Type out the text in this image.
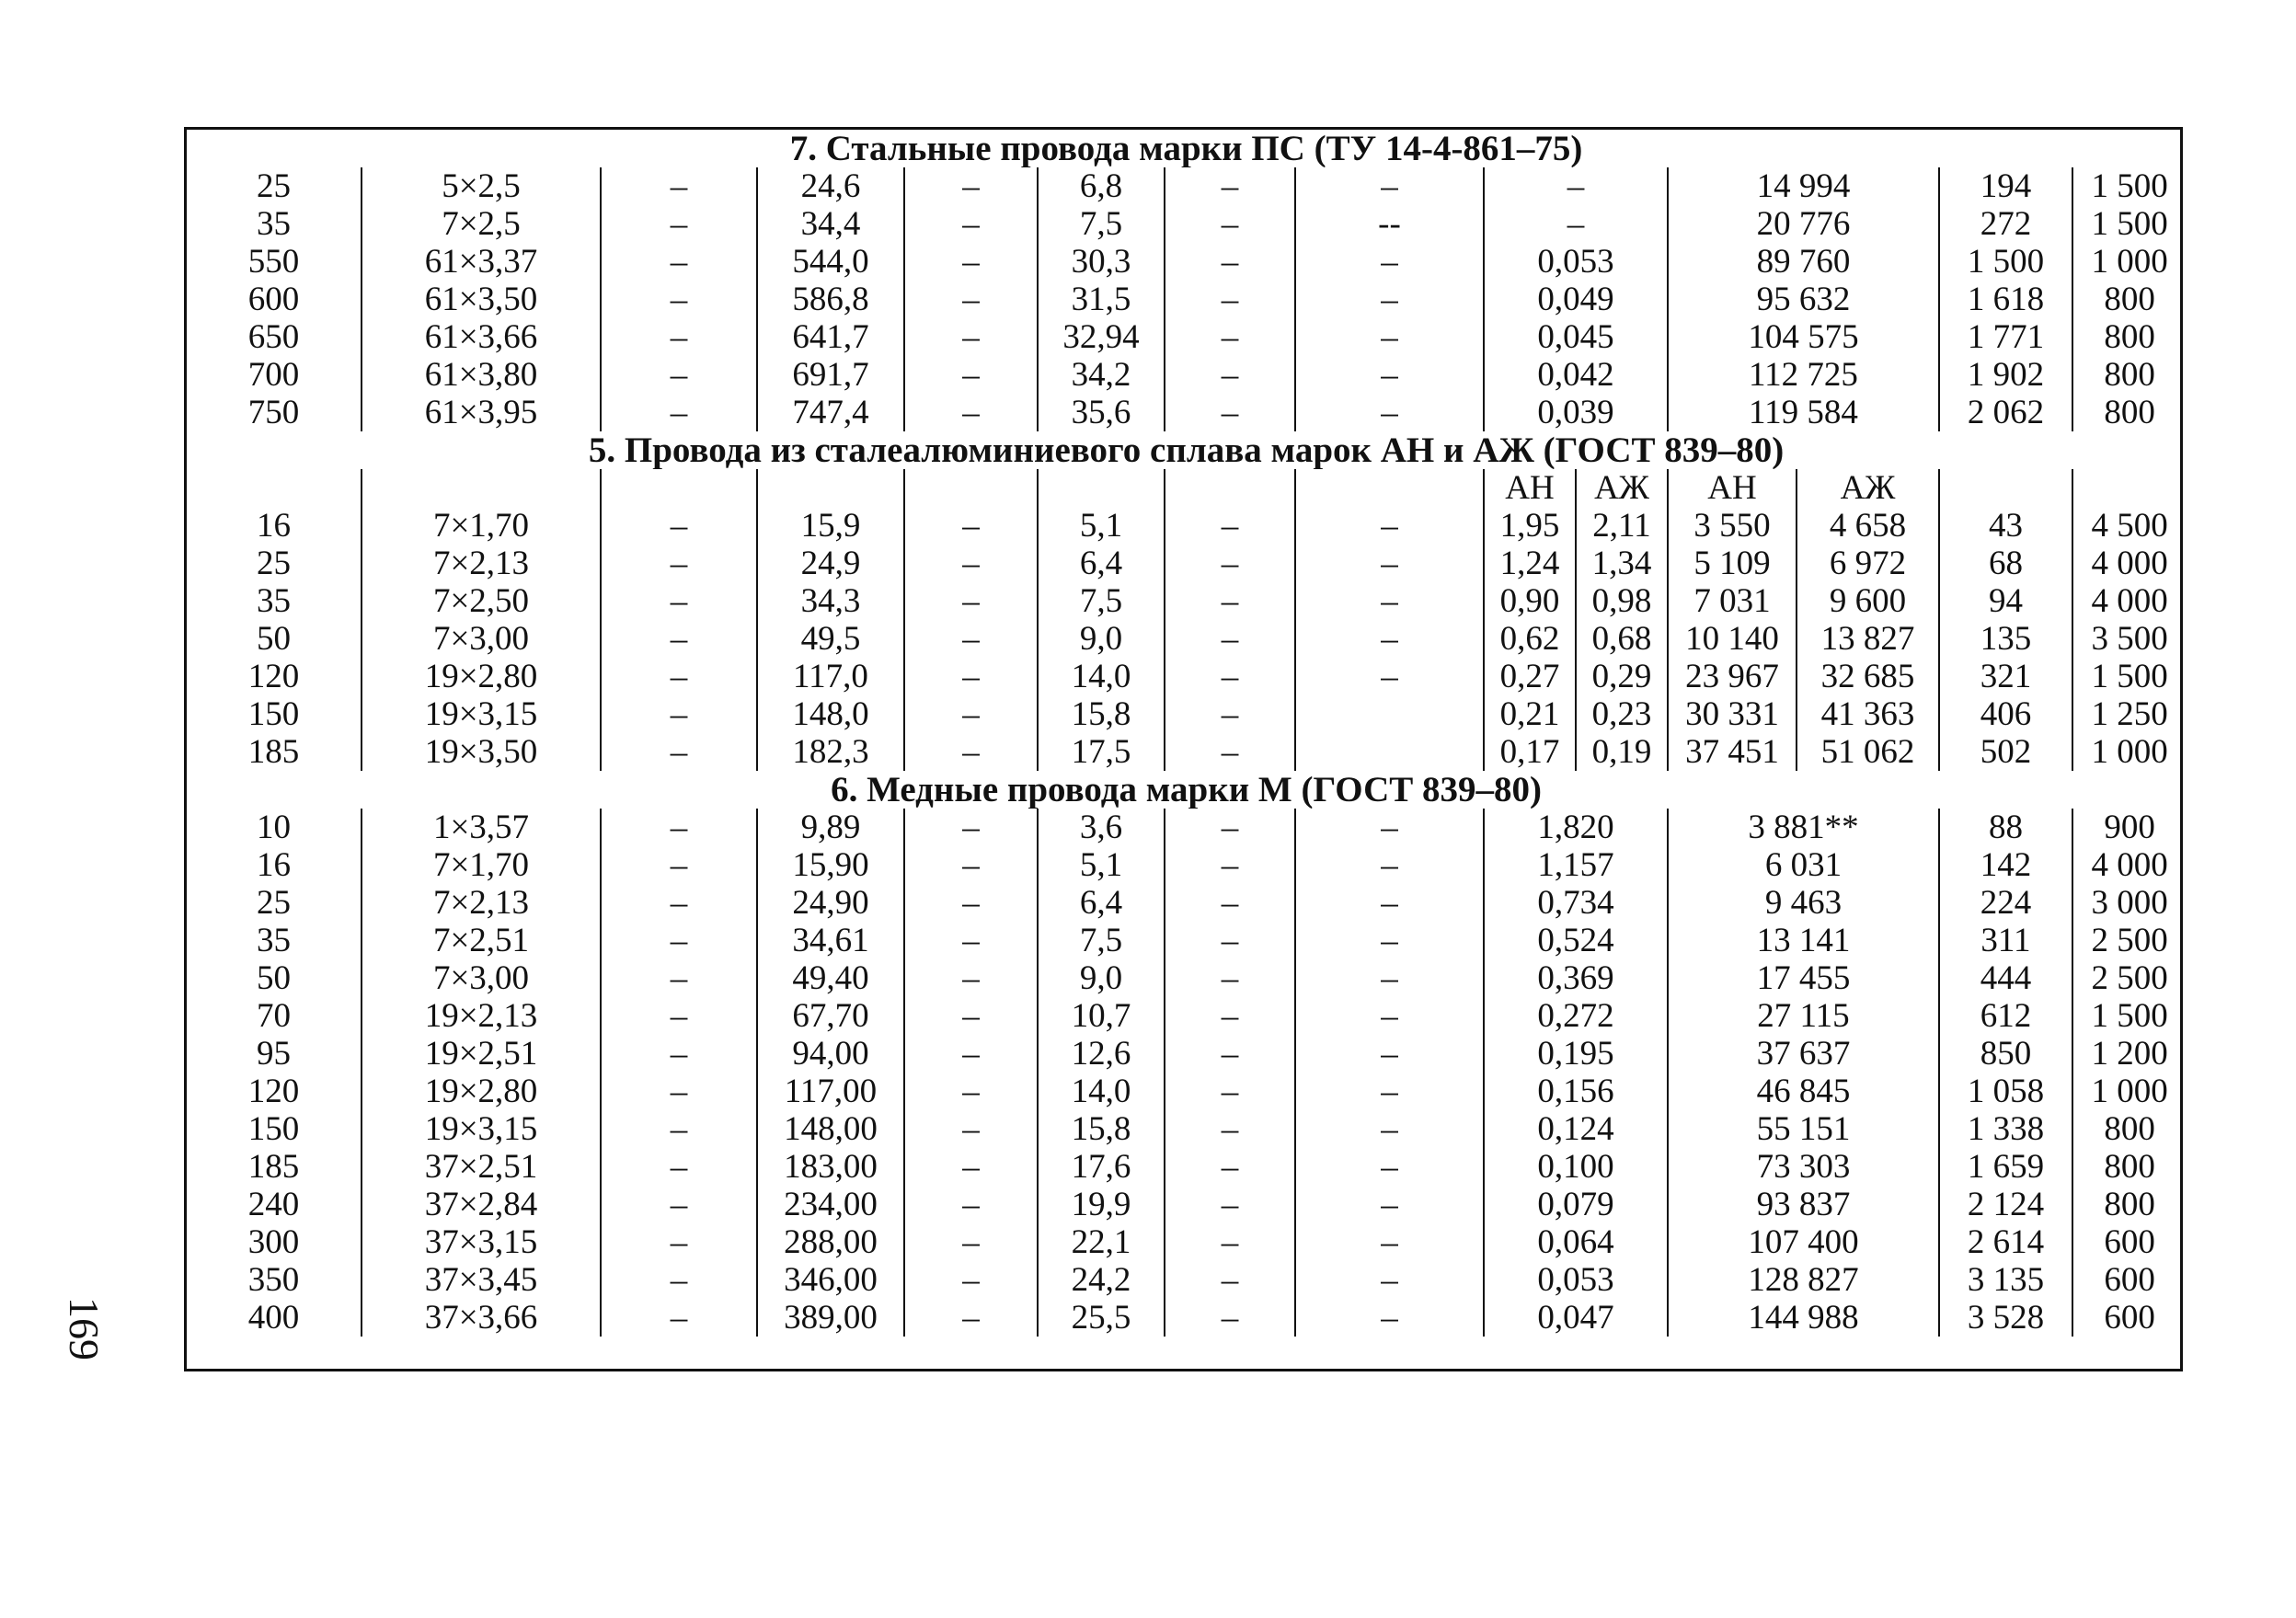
7. Стальные провода марки ПС (ТУ 14-4-861–75)													
25	5×2,5	–	24,6	–	6,8	–	–	–		14 994		194	1 500
35	7×2,5	–	34,4	–	7,5	–	--	–		20 776		272	1 500
550	61×3,37	–	544,0	–	30,3	–	–	0,053		89 760		1 500	1 000
600	61×3,50	–	586,8	–	31,5	–	–	0,049		95 632		1 618	800
650	61×3,66	–	641,7	–	32,94	–	–	0,045		104 575		1 771	800
700	61×3,80	–	691,7	–	34,2	–	–	0,042		112 725		1 902	800
750	61×3,95	–	747,4	–	35,6	–	–	0,039		119 584		2 062	800
5. Провода из сталеалюминиевого сплава марок АН и АЖ (ГОСТ 839–80)													
								АН	АЖ	АН	АЖ		
16	7×1,70	–	15,9	–	5,1	–	–	1,95	2,11	3 550	4 658	43	4 500
25	7×2,13	–	24,9	–	6,4	–	–	1,24	1,34	5 109	6 972	68	4 000
35	7×2,50	–	34,3	–	7,5	–	–	0,90	0,98	7 031	9 600	94	4 000
50	7×3,00	–	49,5	–	9,0	–	–	0,62	0,68	10 140	13 827	135	3 500
120	19×2,80	–	117,0	–	14,0	–	–	0,27	0,29	23 967	32 685	321	1 500
150	19×3,15	–	148,0	–	15,8	–		0,21	0,23	30 331	41 363	406	1 250
185	19×3,50	–	182,3	–	17,5	–		0,17	0,19	37 451	51 062	502	1 000
6. Медные провода марки М (ГОСТ 839–80)													
10	1×3,57	–	9,89	–	3,6	–	–	1,820		3 881**		88	900
16	7×1,70	–	15,90	–	5,1	–	–	1,157		6 031		142	4 000
25	7×2,13	–	24,90	–	6,4	–	–	0,734		9 463		224	3 000
35	7×2,51	–	34,61	–	7,5	–	–	0,524		13 141		311	2 500
50	7×3,00	–	49,40	–	9,0	–	–	0,369		17 455		444	2 500
70	19×2,13	–	67,70	–	10,7	–	–	0,272		27 115		612	1 500
95	19×2,51	–	94,00	–	12,6	–	–	0,195		37 637		850	1 200
120	19×2,80	–	117,00	–	14,0	–	–	0,156		46 845		1 058	1 000
150	19×3,15	–	148,00	–	15,8	–	–	0,124		55 151		1 338	800
185	37×2,51	–	183,00	–	17,6	–	–	0,100		73 303		1 659	800
240	37×2,84	–	234,00	–	19,9	–	–	0,079		93 837		2 124	800
300	37×3,15	–	288,00	–	22,1	–	–	0,064		107 400		2 614	600
350	37×3,45	–	346,00	–	24,2	–	–	0,053		128 827		3 135	600
400	37×3,66	–	389,00	–	25,5	–	–	0,047		144 988		3 528	600
169
